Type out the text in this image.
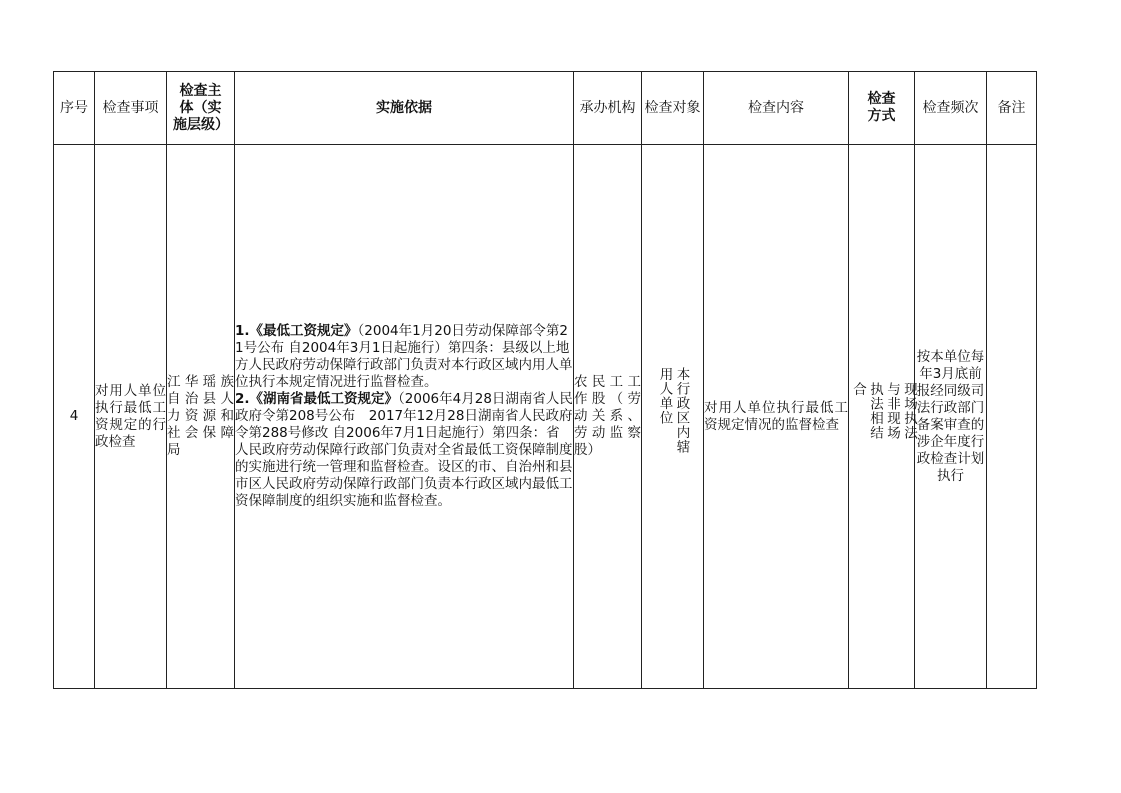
序号	检查事项	检查主体（实施层级）	实施依据	承办机构	检查对象	检查内容	检查方式	检查频次	备注
4	对用人单位执行最低工资规定的行政检查	江华瑶族自治县人力资源和社会保障局	1.《最低工资规定》（2004年1月20日劳动保障部令第21号公布 自2004年3月1日起施行）第四条：县级以上地方人民政府劳动保障行政部门负责对本行政区域内用人单位执行本规定情况进行监督检查。
2.《湖南省最低工资规定》（2006年4月28日湖南省人民政府令第208号公布　2017年12月28日湖南省人民政府令第288号修改 自2006年7月1日起施行）第四条：省人民政府劳动保障行政部门负责对全省最低工资保障制度的实施进行统一管理和监督检查。设区的市、自治州和县市区人民政府劳动保障行政部门负责本行政区域内最低工资保障制度的组织实施和监督检查。	农民工工作股（劳动关系、劳动监察股）	本行政区内辖用人单位	对用人单位执行最低工资规定情况的监督检查	现场执法与非现场执法相结合	按本单位每年3月底前报经同级司法行政部门备案审查的涉企年度行政检查计划执行	
